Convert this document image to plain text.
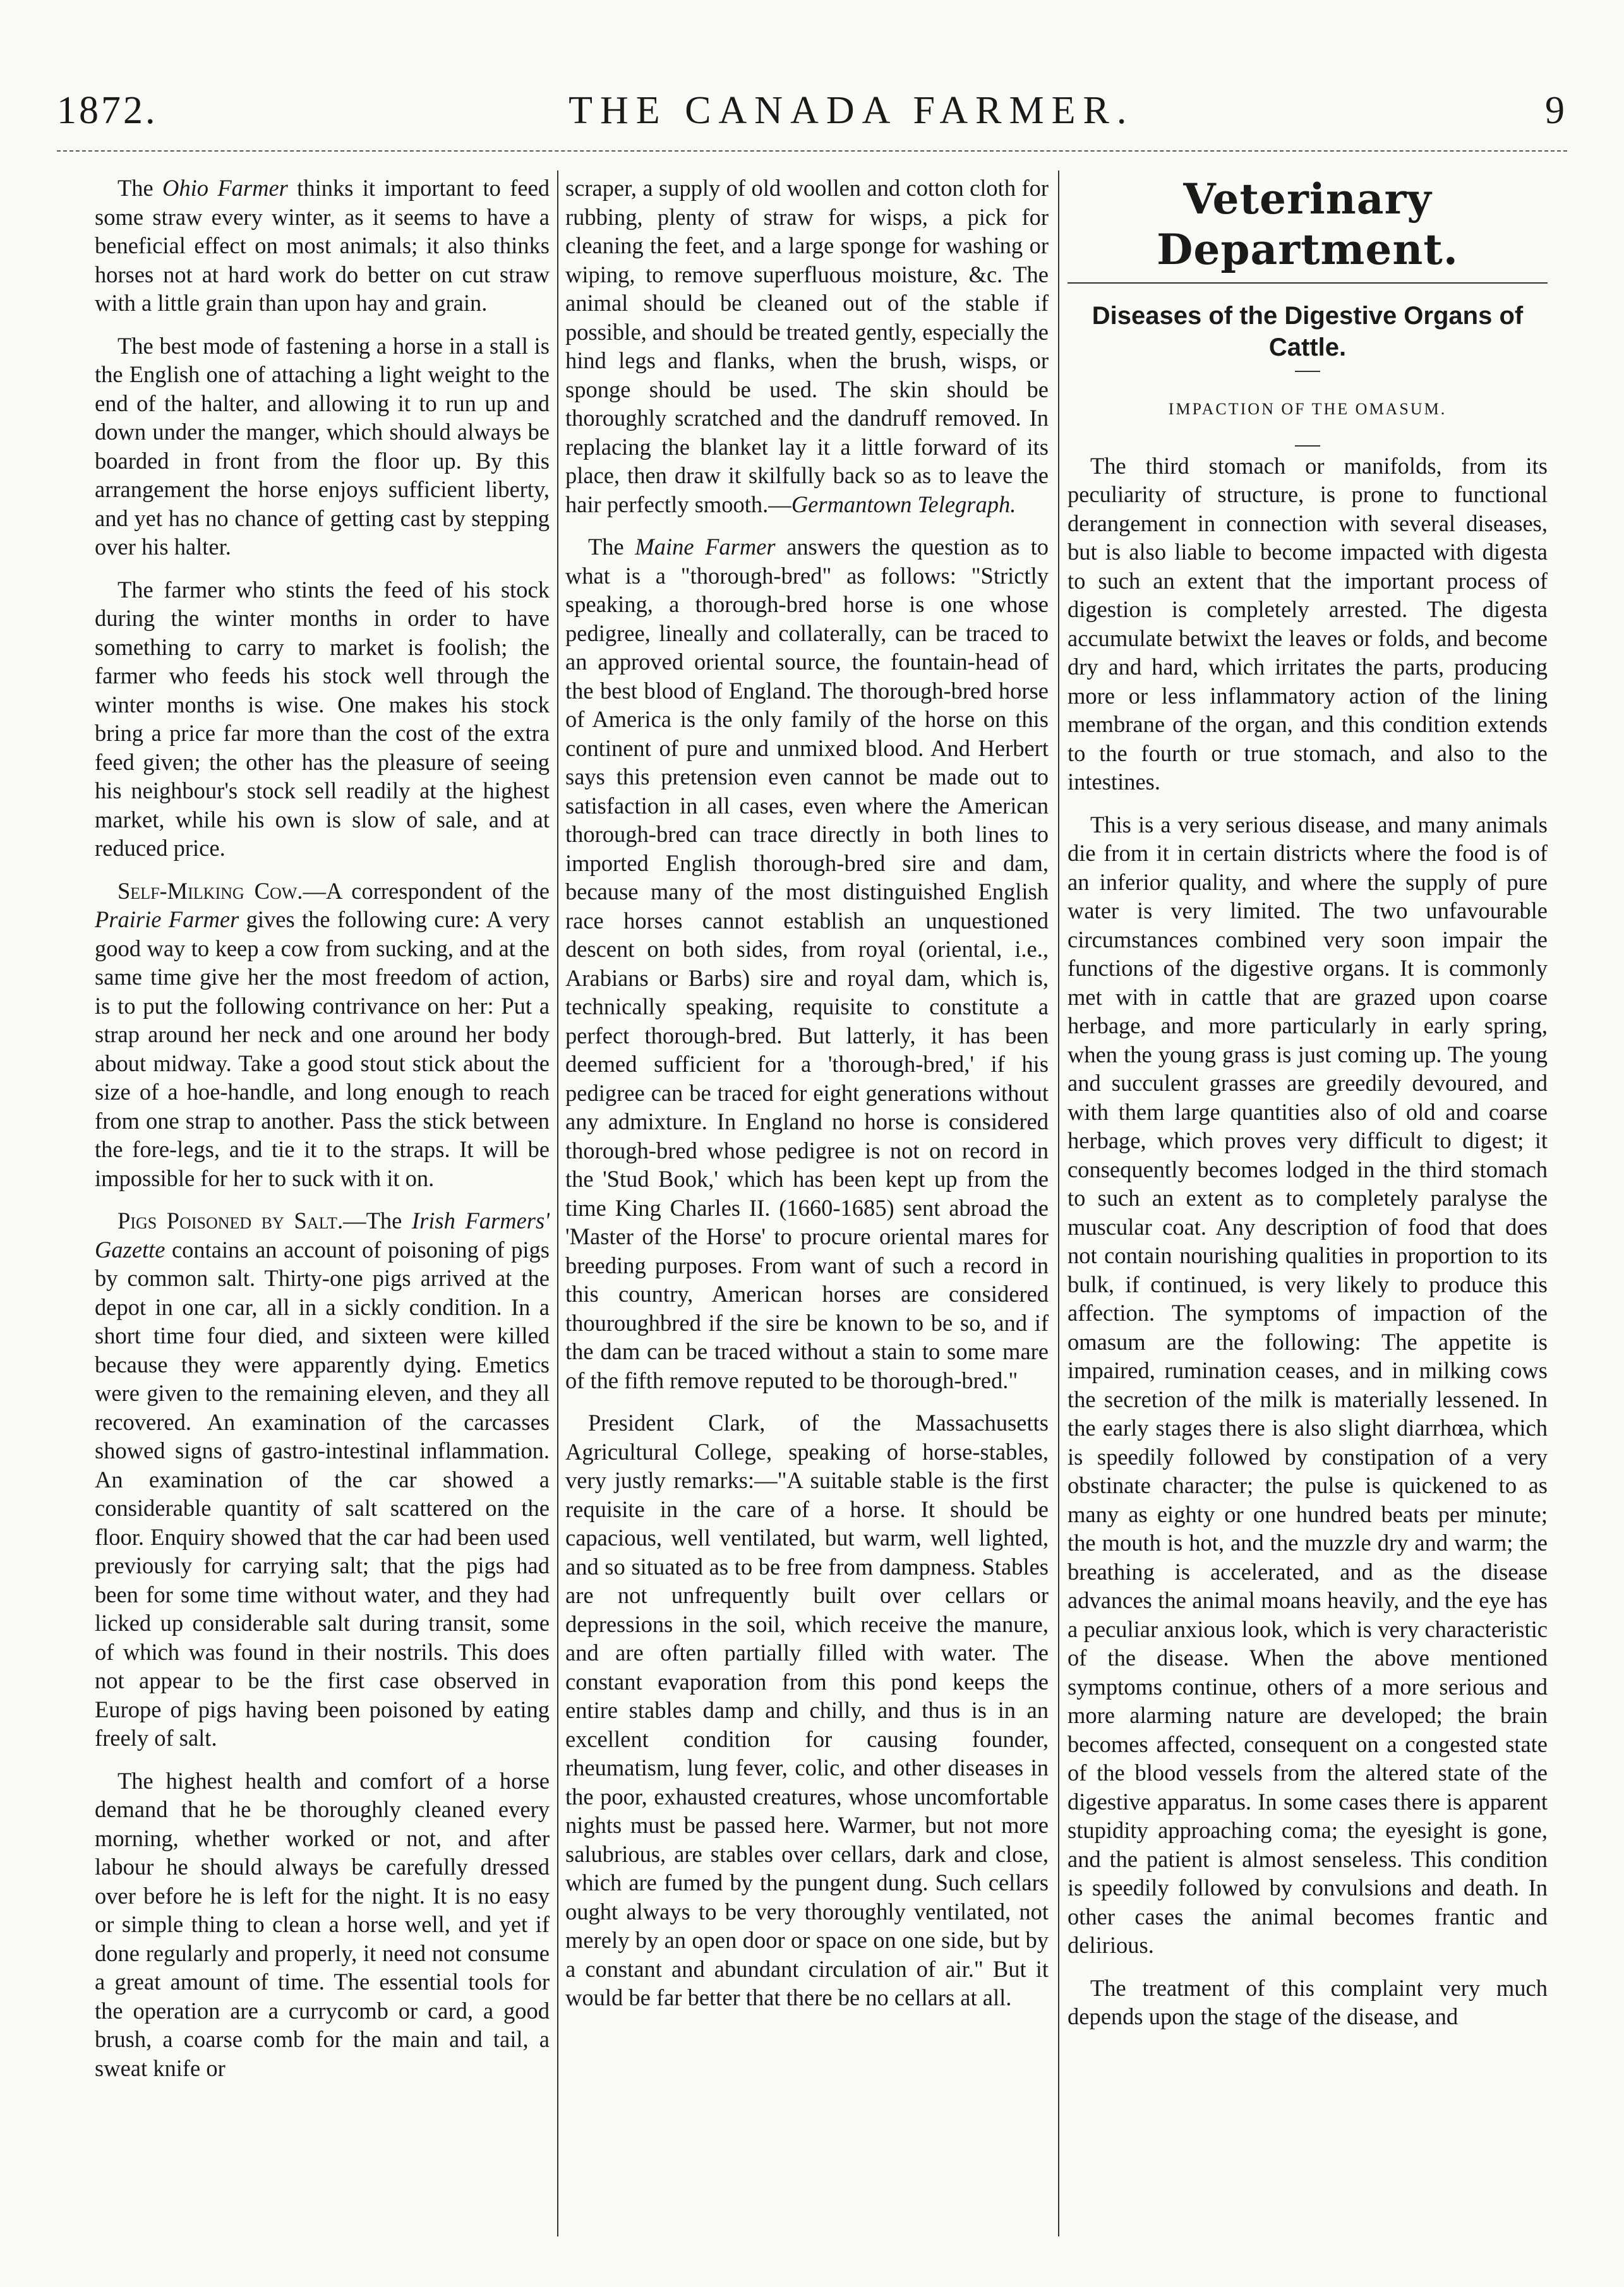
1872.	THE CANADA FARMER.	9

The Ohio Farmer thinks it important to feed some straw every winter, as it seems to have a beneficial effect on most animals; it also thinks horses not at hard work do better on cut straw with a little grain than upon hay and grain.

The best mode of fastening a horse in a stall is the English one of attaching a light weight to the end of the halter, and allowing it to run up and down under the manger, which should always be boarded in front from the floor up. By this arrangement the horse enjoys sufficient liberty, and yet has no chance of getting cast by stepping over his halter.

The farmer who stints the feed of his stock during the winter months in order to have something to carry to market is foolish; the farmer who feeds his stock well through the winter months is wise. One makes his stock bring a price far more than the cost of the extra feed given; the other has the pleasure of seeing his neighbour's stock sell readily at the highest market, while his own is slow of sale, and at reduced price.

Self-Milking Cow.—A correspondent of the Prairie Farmer gives the following cure: A very good way to keep a cow from sucking, and at the same time give her the most freedom of action, is to put the following contrivance on her: Put a strap around her neck and one around her body about midway. Take a good stout stick about the size of a hoe-handle, and long enough to reach from one strap to another. Pass the stick between the fore-legs, and tie it to the straps. It will be impossible for her to suck with it on.

Pigs Poisoned by Salt.—The Irish Farmers' Gazette contains an account of poisoning of pigs by common salt. Thirty-one pigs arrived at the depot in one car, all in a sickly condition. In a short time four died, and sixteen were killed because they were apparently dying. Emetics were given to the remaining eleven, and they all recovered. An examination of the carcasses showed signs of gastro-intestinal inflammation. An examination of the car showed a considerable quantity of salt scattered on the floor. Enquiry showed that the car had been used previously for carrying salt; that the pigs had been for some time without water, and they had licked up considerable salt during transit, some of which was found in their nostrils. This does not appear to be the first case observed in Europe of pigs having been poisoned by eating freely of salt.

The highest health and comfort of a horse demand that he be thoroughly cleaned every morning, whether worked or not, and after labour he should always be carefully dressed over before he is left for the night. It is no easy or simple thing to clean a horse well, and yet if done regularly and properly, it need not consume a great amount of time. The essential tools for the operation are a currycomb or card, a good brush, a coarse comb for the main and tail, a sweat knife or

scraper, a supply of old woollen and cotton cloth for rubbing, plenty of straw for wisps, a pick for cleaning the feet, and a large sponge for washing or wiping, to remove superfluous moisture, &c. The animal should be cleaned out of the stable if possible, and should be treated gently, especially the hind legs and flanks, when the brush, wisps, or sponge should be used. The skin should be thoroughly scratched and the dandruff removed. In replacing the blanket lay it a little forward of its place, then draw it skilfully back so as to leave the hair perfectly smooth.—Germantown Telegraph.

The Maine Farmer answers the question as to what is a "thorough-bred" as follows: "Strictly speaking, a thorough-bred horse is one whose pedigree, lineally and collaterally, can be traced to an approved oriental source, the fountain-head of the best blood of England. The thorough-bred horse of America is the only family of the horse on this continent of pure and unmixed blood. And Herbert says this pretension even cannot be made out to satisfaction in all cases, even where the American thorough-bred can trace directly in both lines to imported English thorough-bred sire and dam, because many of the most distinguished English race horses cannot establish an unquestioned descent on both sides, from royal (oriental, i.e., Arabians or Barbs) sire and royal dam, which is, technically speaking, requisite to constitute a perfect thorough-bred. But latterly, it has been deemed sufficient for a 'thorough-bred,' if his pedigree can be traced for eight generations without any admixture. In England no horse is considered thorough-bred whose pedigree is not on record in the 'Stud Book,' which has been kept up from the time King Charles II. (1660-1685) sent abroad the 'Master of the Horse' to procure oriental mares for breeding purposes. From want of such a record in this country, American horses are considered thouroughbred if the sire be known to be so, and if the dam can be traced without a stain to some mare of the fifth remove reputed to be thorough-bred."

President Clark, of the Massachusetts Agricultural College, speaking of horse-stables, very justly remarks:—"A suitable stable is the first requisite in the care of a horse. It should be capacious, well ventilated, but warm, well lighted, and so situated as to be free from dampness. Stables are not unfrequently built over cellars or depressions in the soil, which receive the manure, and are often partially filled with water. The constant evaporation from this pond keeps the entire stables damp and chilly, and thus is in an excellent condition for causing founder, rheumatism, lung fever, colic, and other diseases in the poor, exhausted creatures, whose uncomfortable nights must be passed here. Warmer, but not more salubrious, are stables over cellars, dark and close, which are fumed by the pungent dung. Such cellars ought always to be very thoroughly ventilated, not merely by an open door or space on one side, but by a constant and abundant circulation of air." But it would be far better that there be no cellars at all.

Veterinary Department.
Diseases of the Digestive Organs of Cattle.
IMPACTION OF THE OMASUM.

The third stomach or manifolds, from its peculiarity of structure, is prone to functional derangement in connection with several diseases, but is also liable to become impacted with digesta to such an extent that the important process of digestion is completely arrested. The digesta accumulate betwixt the leaves or folds, and become dry and hard, which irritates the parts, producing more or less inflammatory action of the lining membrane of the organ, and this condition extends to the fourth or true stomach, and also to the intestines.

This is a very serious disease, and many animals die from it in certain districts where the food is of an inferior quality, and where the supply of pure water is very limited. The two unfavourable circumstances combined very soon impair the functions of the digestive organs. It is commonly met with in cattle that are grazed upon coarse herbage, and more particularly in early spring, when the young grass is just coming up. The young and succulent grasses are greedily devoured, and with them large quantities also of old and coarse herbage, which proves very difficult to digest; it consequently becomes lodged in the third stomach to such an extent as to completely paralyse the muscular coat. Any description of food that does not contain nourishing qualities in proportion to its bulk, if continued, is very likely to produce this affection. The symptoms of impaction of the omasum are the following: The appetite is impaired, rumination ceases, and in milking cows the secretion of the milk is materially lessened. In the early stages there is also slight diarrhœa, which is speedily followed by constipation of a very obstinate character; the pulse is quickened to as many as eighty or one hundred beats per minute; the mouth is hot, and the muzzle dry and warm; the breathing is accelerated, and as the disease advances the animal moans heavily, and the eye has a peculiar anxious look, which is very characteristic of the disease. When the above mentioned symptoms continue, others of a more serious and more alarming nature are developed; the brain becomes affected, consequent on a congested state of the blood vessels from the altered state of the digestive apparatus. In some cases there is apparent stupidity approaching coma; the eyesight is gone, and the patient is almost senseless. This condition is speedily followed by convulsions and death. In other cases the animal becomes frantic and delirious.

The treatment of this complaint very much depends upon the stage of the disease, and
